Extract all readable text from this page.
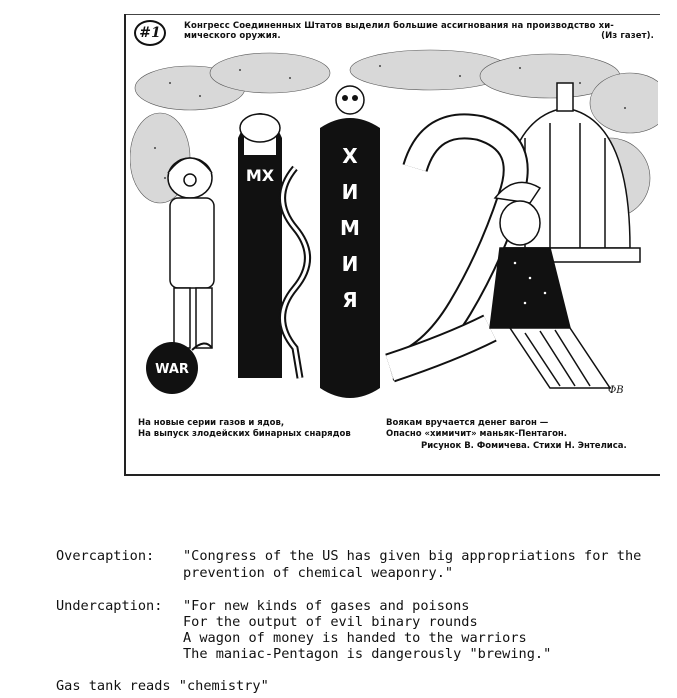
#1	Конгресс Соединенных Штатов выделил большие ассигнования на производство хи-
мического оружия.	(Из газет).
WAR
МХ
Х И М И Я
ФВ
На новые серии газов и ядов,
На выпуск злодейских бинарных снарядов
Воякам вручается денег вагон —
Опасно «химичит» маньяк-Пентагон.
Рисунок В. Фомичева. Стихи Н. Энтелиса.
Overcaption: "Congress of the US has given big appropriations for the
prevention of chemical weaponry."
Undercaption: "For new kinds of gases and poisons
For the output of evil binary rounds
A wagon of money is handed to the warriors
The maniac-Pentagon is dangerously "brewing."
Gas tank reads "chemistry"
